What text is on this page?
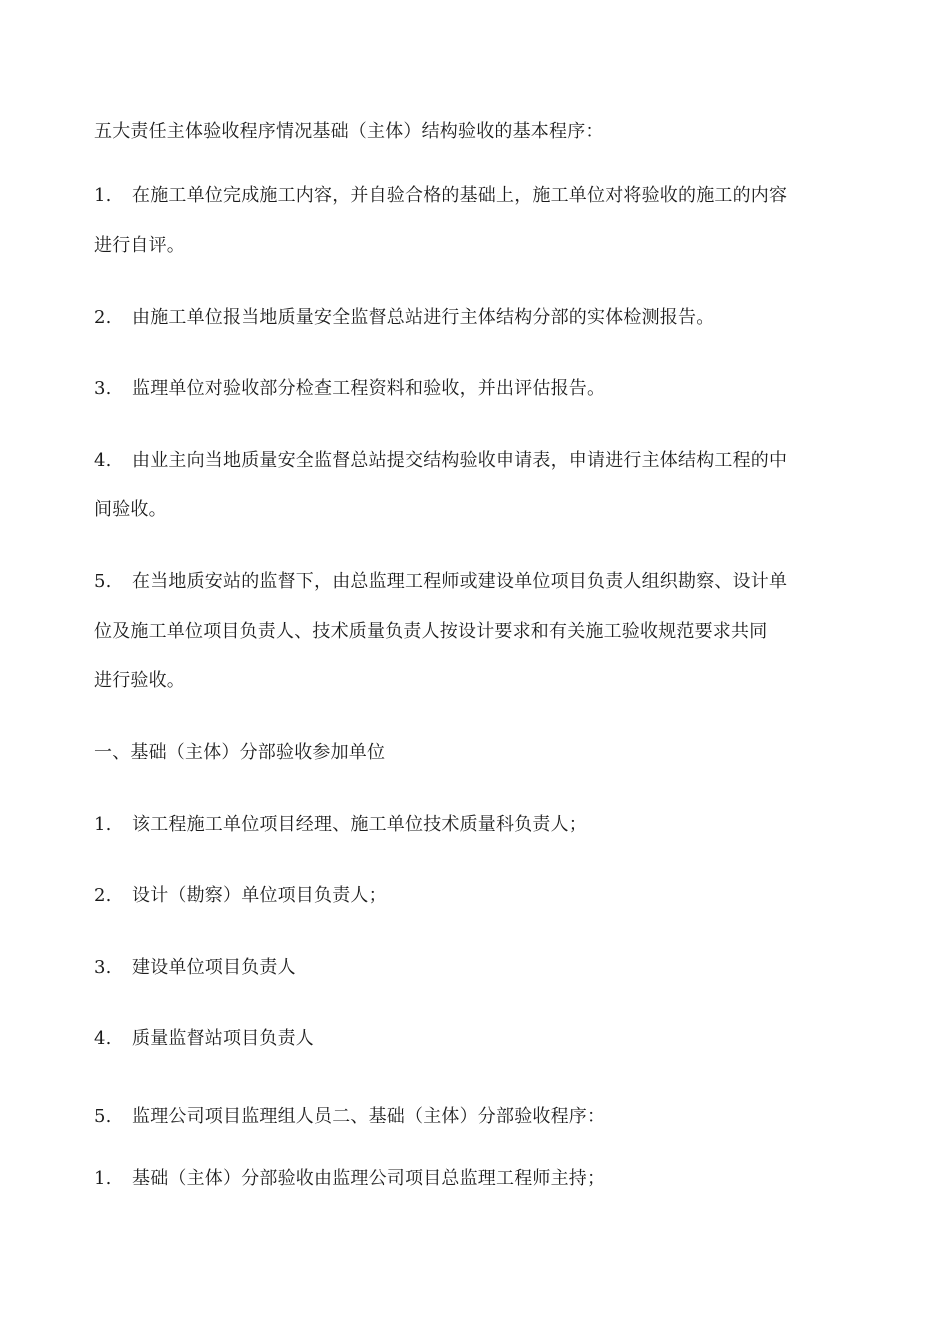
五大责任主体验收程序情况基础（主体）结构验收的基本程序：
1. 在施工单位完成施工内容，并自验合格的基础上，施工单位对将验收的施工的内容
进行自评。
2. 由施工单位报当地质量安全监督总站进行主体结构分部的实体检测报告。
3. 监理单位对验收部分检查工程资料和验收，并出评估报告。
4. 由业主向当地质量安全监督总站提交结构验收申请表，申请进行主体结构工程的中
间验收。
5. 在当地质安站的监督下，由总监理工程师或建设单位项目负责人组织勘察、设计单
位及施工单位项目负责人、技术质量负责人按设计要求和有关施工验收规范要求共同
进行验收。
一、基础（主体）分部验收参加单位
1. 该工程施工单位项目经理、施工单位技术质量科负责人；
2. 设计（勘察）单位项目负责人；
3. 建设单位项目负责人
4. 质量监督站项目负责人
5. 监理公司项目监理组人员二、基础（主体）分部验收程序：
1. 基础（主体）分部验收由监理公司项目总监理工程师主持；
